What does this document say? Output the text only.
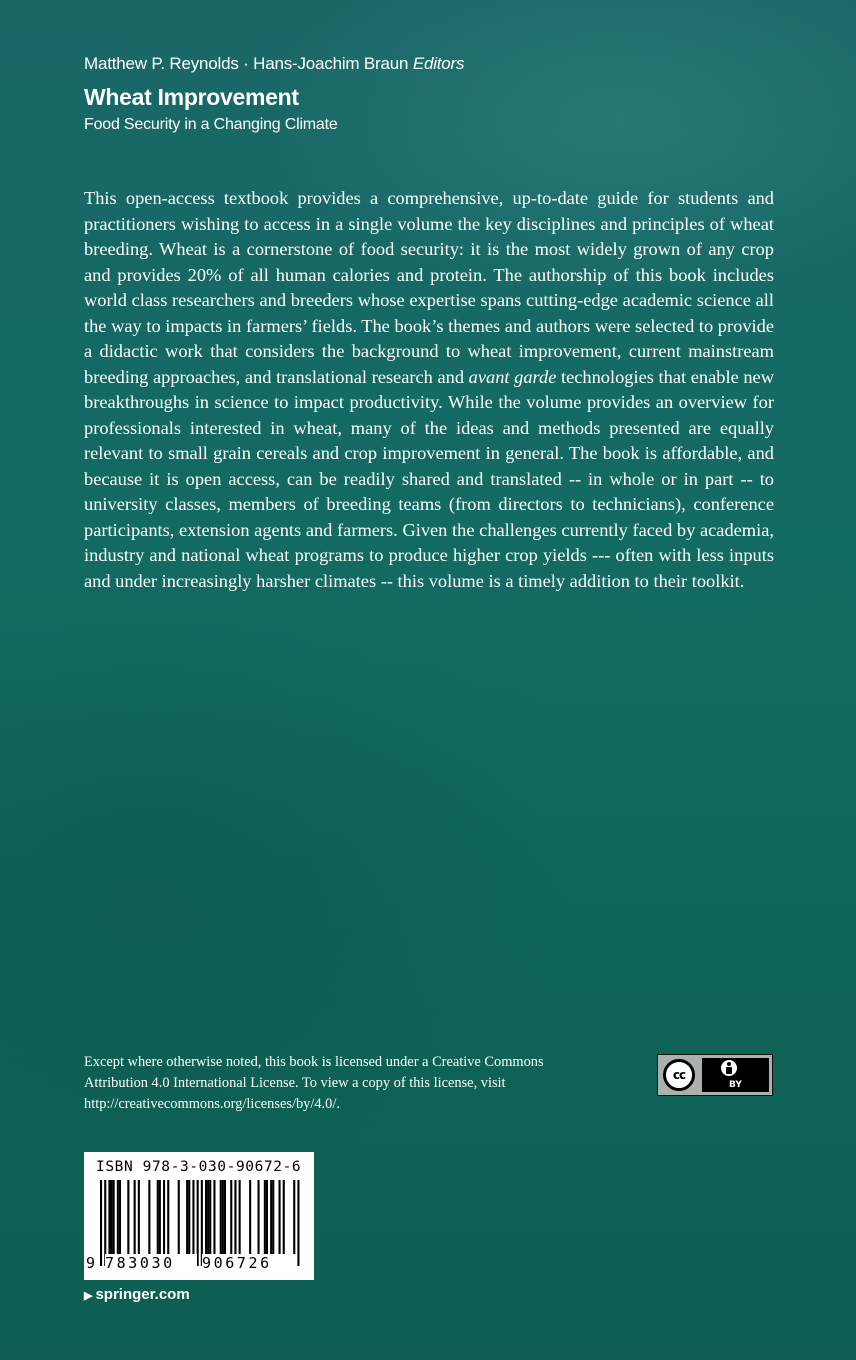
Matthew P. Reynolds · Hans-Joachim Braun Editors
Wheat Improvement
Food Security in a Changing Climate

This open-access textbook provides a comprehensive, up-to-date guide for students and practitioners wishing to access in a single volume the key disciplines and principles of wheat breeding. Wheat is a cornerstone of food security: it is the most widely grown of any crop and provides 20% of all human calories and protein. The authorship of this book includes world class researchers and breeders whose expertise spans cutting-edge academic science all the way to impacts in farmers’ fields. The book’s themes and authors were selected to provide a didactic work that considers the background to wheat improvement, current mainstream breeding approaches, and translational research and avant garde technologies that enable new breakthroughs in science to impact productivity. While the volume provides an overview for professionals interested in wheat, many of the ideas and methods presented are equally relevant to small grain cereals and crop improvement in general. The book is affordable, and because it is open access, can be readily shared and translated -- in whole or in part -- to university classes, members of breeding teams (from directors to technicians), conference participants, extension agents and farmers. Given the challenges currently faced by academia, industry and national wheat programs to produce higher crop yields --- often with less inputs and under increasingly harsher climates -- this volume is a timely addition to their toolkit.

Except where otherwise noted, this book is licensed under a Creative Commons Attribution 4.0 International License. To view a copy of this license, visit http://creativecommons.org/licenses/by/4.0/.
cc
BY
ISBN 978-3-030-90672-6
9 783030	906726
▶ springer.com
